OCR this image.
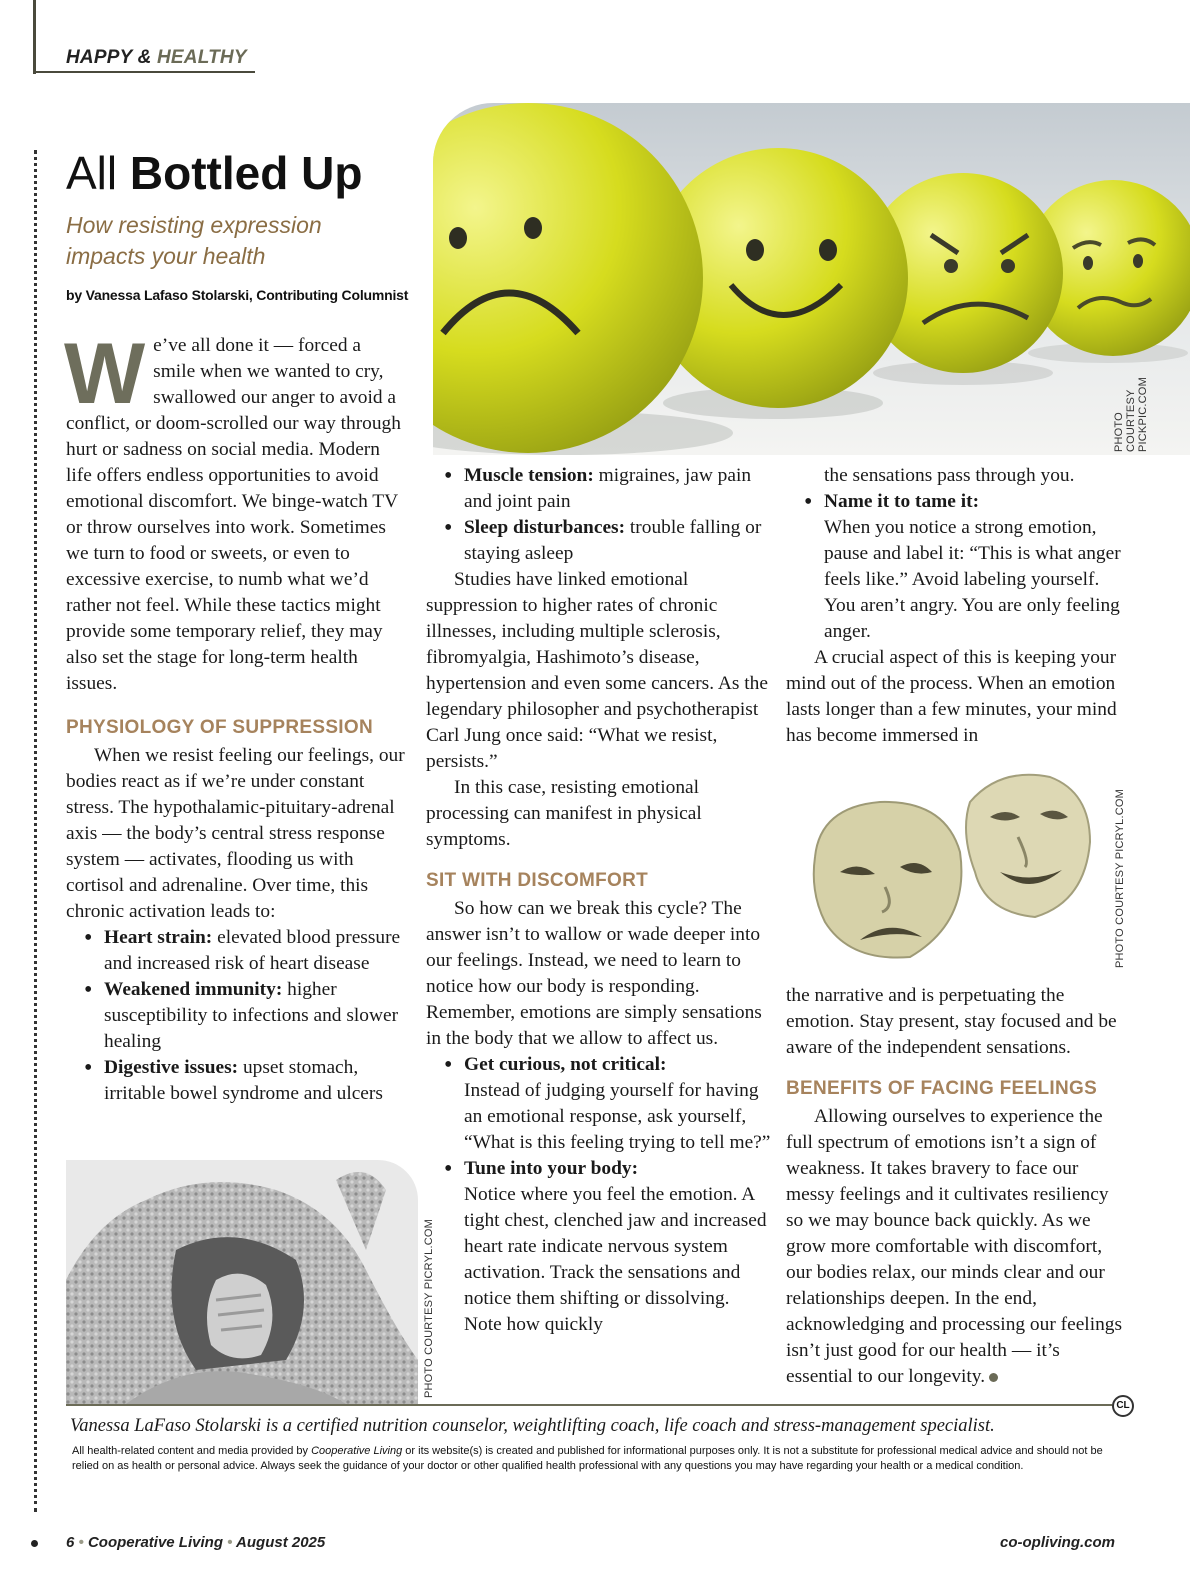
HAPPY & HEALTHY
All Bottled Up
How resisting expression impacts your health
by Vanessa Lafaso Stolarski, Contributing Columnist
PHOTO COURTESY
PICKPIC.COM

We’ve all done it — forced a smile when we wanted to cry, swallowed our anger to avoid a conflict, or doom-scrolled our way through hurt or sadness on social media. Modern life offers endless opportunities to avoid emotional discomfort. We binge-watch TV or throw ourselves into work. Sometimes we turn to food or sweets, or even to excessive exercise, to numb what we’d rather not feel. While these tactics might provide some temporary relief, they may also set the stage for long-term health issues.

PHYSIOLOGY OF SUPPRESSION

When we resist feeling our feelings, our bodies react as if we’re under constant stress. The hypothalamic-pituitary-adrenal axis — the body’s central stress response system — activates, flooding us with cortisol and adrenaline. Over time, this chronic activation leads to:

• Heart strain: elevated blood pressure and increased risk of heart disease
• Weakened immunity: higher susceptibility to infections and slower healing
• Digestive issues: upset stomach, irritable bowel syndrome and ulcers
PHOTO COURTESY PICRYL.COM
• Muscle tension: migraines, jaw pain and joint pain
• Sleep disturbances: trouble falling or staying asleep

Studies have linked emotional suppression to higher rates of chronic illnesses, including multiple sclerosis, fibromyalgia, Hashimoto’s disease, hypertension and even some cancers. As the legendary philosopher and psychotherapist Carl Jung once said: “What we resist, persists.”

In this case, resisting emotional processing can manifest in physical symptoms.

SIT WITH DISCOMFORT

So how can we break this cycle? The answer isn’t to wallow or wade deeper into our feelings. Instead, we need to learn to notice how our body is responding. Remember, emotions are simply sensations in the body that we allow to affect us.

• Get curious, not critical:
Instead of judging yourself for having an emotional response, ask yourself, “What is this feeling trying to tell me?”
• Tune into your body:
Notice where you feel the emotion. A tight chest, clenched jaw and increased heart rate indicate nervous system activation. Track the sensations and notice them shifting or dissolving. Note how quickly

the sensations pass through you.

• Name it to tame it:
When you notice a strong emotion, pause and label it: “This is what anger feels like.” Avoid labeling yourself. You aren’t angry. You are only feeling anger.

A crucial aspect of this is keeping your mind out of the process. When an emotion lasts longer than a few minutes, your mind has become immersed in

PHOTO COURTESY PICRYL.COM

the narrative and is perpetuating the emotion. Stay present, stay focused and be aware of the independent sensations.

BENEFITS OF FACING FEELINGS

Allowing ourselves to experience the full spectrum of emotions isn’t a sign of weakness. It takes bravery to face our messy feelings and it cultivates resiliency so we may bounce back quickly. As we grow more comfortable with discomfort, our bodies relax, our minds clear and our relationships deepen. In the end, acknowledging and processing our feelings isn’t just good for our health — it’s essential to our longevity.

CL
Vanessa LaFaso Stolarski is a certified nutrition counselor, weightlifting coach, life coach and stress-management specialist.
All health-related content and media provided by Cooperative Living or its website(s) is created and published for informational purposes only. It is not a substitute for professional medical advice and should not be relied on as health or personal advice. Always seek the guidance of your doctor or other qualified health professional with any questions you may have regarding your health or a medical condition.
6 • Cooperative Living • August 2025	co-opliving.com
